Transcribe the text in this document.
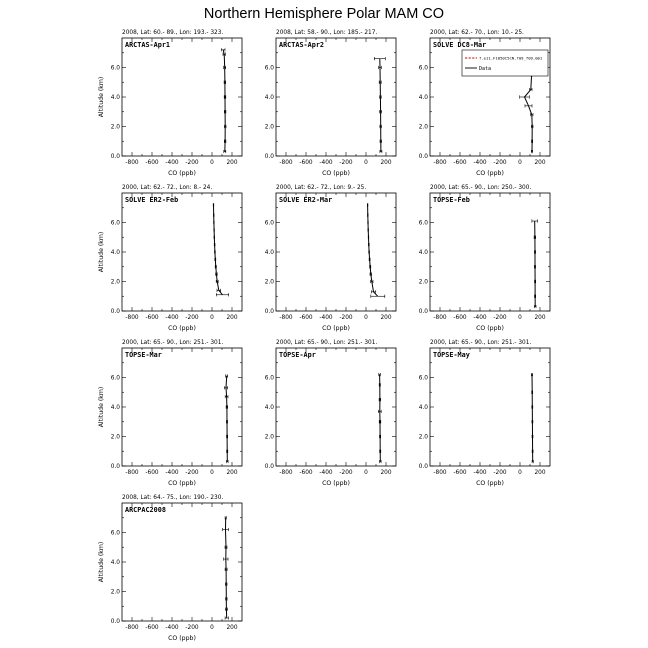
Northern Hemisphere Polar MAM CO
2008, Lat: 60.- 89., Lon: 193.- 323.
-800 -600 -400 -200 0 200
0.0
2.0
4.0
6.0
CO (ppb)
Altitude (km)
ARCTAS-Apr1
2008, Lat: 58.- 90., Lon: 185.- 217.
-800 -600 -400 -200 0 200
0.0
2.0
4.0
6.0
CO (ppb)
ARCTAS-Apr2
2000, Lat: 62.- 70., Lon: 10.- 25.
-800 -600 -400 -200 0 200
0.0
2.0
4.0
6.0
CO (ppb)
SOLVE DC8-Mar
f.e11.F1850C5CN.f09_f09.001
Data
2000, Lat: 62.- 72., Lon: 8.- 24.
-800 -600 -400 -200 0 200
0.0
2.0
4.0
6.0
CO (ppb)
Altitude (km)
SOLVE ER2-Feb
2000, Lat: 62.- 72., Lon: 9.- 25.
-800 -600 -400 -200 0 200
0.0
2.0
4.0
6.0
CO (ppb)
SOLVE ER2-Mar
2000, Lat: 65.- 90., Lon: 250.- 300.
-800 -600 -400 -200 0 200
0.0
2.0
4.0
6.0
CO (ppb)
TOPSE-Feb
2000, Lat: 65.- 90., Lon: 251.- 301.
-800 -600 -400 -200 0 200
0.0
2.0
4.0
6.0
CO (ppb)
Altitude (km)
TOPSE-Mar
2000, Lat: 65.- 90., Lon: 251.- 301.
-800 -600 -400 -200 0 200
0.0
2.0
4.0
6.0
CO (ppb)
TOPSE-Apr
2000, Lat: 65.- 90., Lon: 251.- 301.
-800 -600 -400 -200 0 200
0.0
2.0
4.0
6.0
CO (ppb)
TOPSE-May
2008, Lat: 64.- 75., Lon: 190.- 230.
-800 -600 -400 -200 0 200
0.0
2.0
4.0
6.0
CO (ppb)
Altitude (km)
ARCPAC2008
